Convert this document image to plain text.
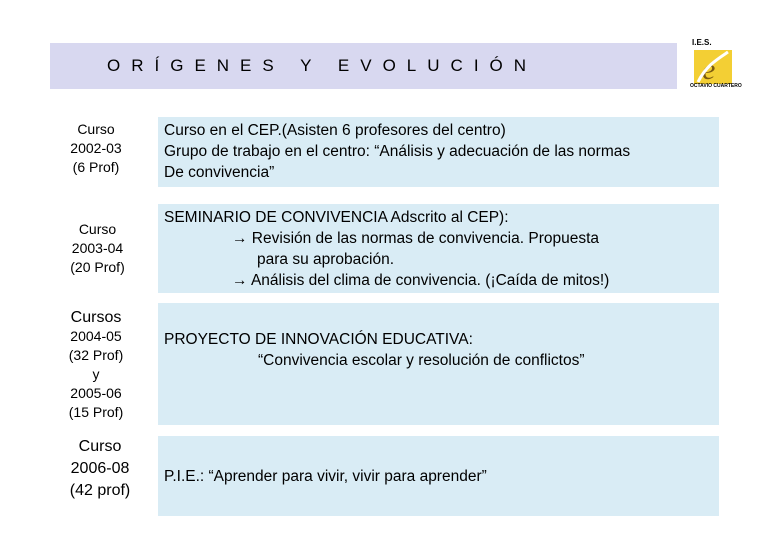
ORÍGENES Y EVOLUCIÓN
I.E.S.
e
OCTAVIO CUARTERO
Curso
2002-03
(6 Prof)
Curso en el CEP.(Asisten 6 profesores del centro)
Grupo de trabajo en el centro: “Análisis y adecuación de las normas
De convivencia”
Curso
2003-04
(20 Prof)
SEMINARIO DE CONVIVENCIA Adscrito al CEP):
→ Revisión de las normas de convivencia. Propuesta
para su aprobación.
→ Análisis del clima de convivencia. (¡Caída de mitos!)
Cursos
2004-05
(32 Prof)
y
2005-06
(15 Prof)
PROYECTO DE INNOVACIÓN EDUCATIVA:
“Convivencia escolar y resolución de conflictos”
Curso
2006-08
(42 prof)
P.I.E.: “Aprender para vivir, vivir para aprender”
